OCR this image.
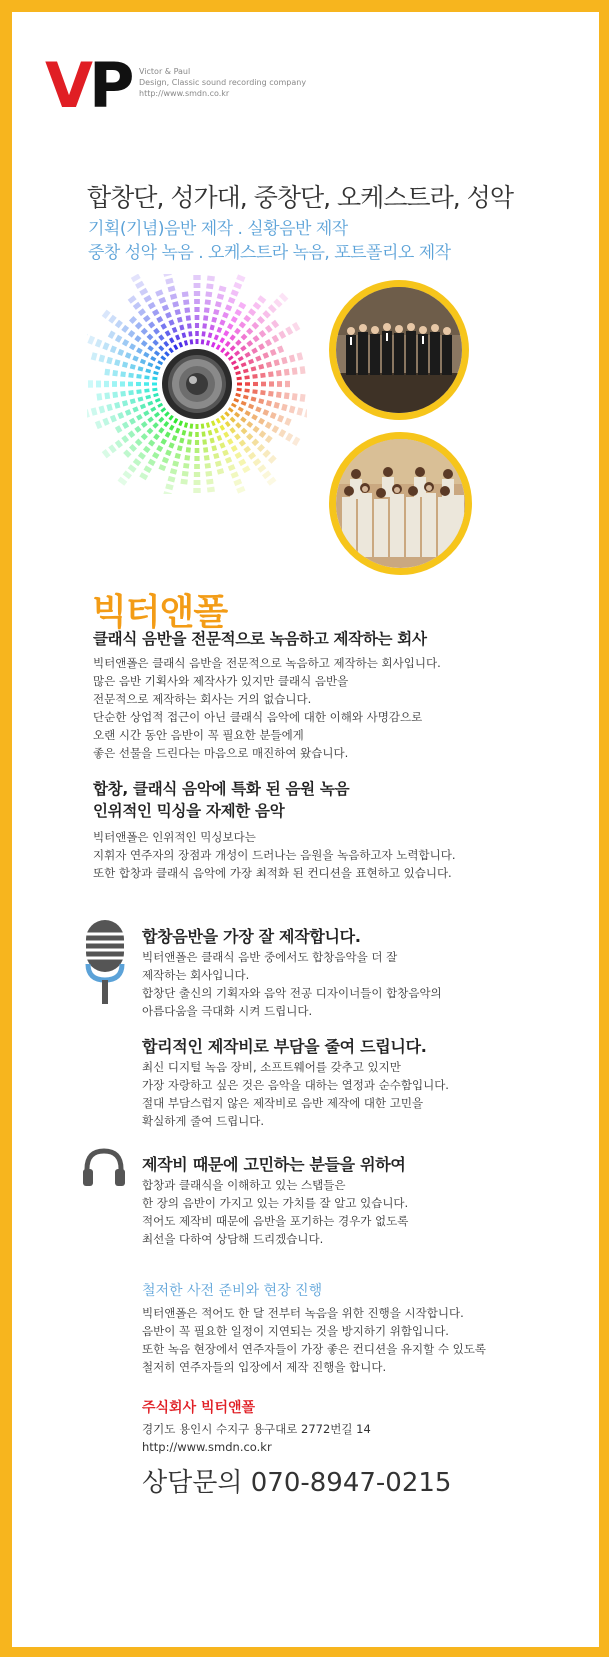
VP Victor & Paul
Design, Classic sound recording company
http://www.smdn.co.kr
합창단, 성가대, 중창단, 오케스트라, 성악
기획(기념)음반 제작 . 실황음반 제작
중창 성악 녹음 . 오케스트라 녹음, 포트폴리오 제작
빅터앤폴
클래식 음반을 전문적으로 녹음하고 제작하는 회사
빅터앤폴은 클래식 음반을 전문적으로 녹음하고 제작하는 회사입니다.
많은 음반 기획사와 제작사가 있지만 클래식 음반을
전문적으로 제작하는 회사는 거의 없습니다.
단순한 상업적 접근이 아닌 클래식 음악에 대한 이해와 사명감으로
오랜 시간 동안 음반이 꼭 필요한 분들에게
좋은 선물을 드린다는 마음으로 매진하여 왔습니다.
합창, 클래식 음악에 특화 된 음원 녹음
인위적인 믹싱을 자제한 음악
빅터앤폴은 인위적인 믹싱보다는
지휘자 연주자의 장점과 개성이 드러나는 음원을 녹음하고자 노력합니다.
또한 합창과 클래식 음악에 가장 최적화 된 컨디션을 표현하고 있습니다.
합창음반을 가장 잘 제작합니다.
빅터앤폴은 클래식 음반 중에서도 합창음악을 더 잘
제작하는 회사입니다.
합창단 출신의 기획자와 음악 전공 디자이너들이 합창음악의
아름다움을 극대화 시켜 드립니다.
합리적인 제작비로 부담을 줄여 드립니다.
최신 디지털 녹음 장비, 소프트웨어를 갖추고 있지만
가장 자랑하고 싶은 것은 음악을 대하는 열정과 순수함입니다.
절대 부담스럽지 않은 제작비로 음반 제작에 대한 고민을
확실하게 줄여 드립니다.
제작비 때문에 고민하는 분들을 위하여
합창과 클래식을 이해하고 있는 스탭들은
한 장의 음반이 가지고 있는 가치를 잘 알고 있습니다.
적어도 제작비 때문에 음반을 포기하는 경우가 없도록
최선을 다하여 상담해 드리겠습니다.
철저한 사전 준비와 현장 진행
빅터앤폴은 적어도 한 달 전부터 녹음을 위한 진행을 시작합니다.
음반이 꼭 필요한 일정이 지연되는 것을 방지하기 위함입니다.
또한 녹음 현장에서 연주자들이 가장 좋은 컨디션을 유지할 수 있도록
철저히 연주자들의 입장에서 제작 진행을 합니다.
주식회사 빅터앤폴
경기도 용인시 수지구 용구대로 2772번길 14
http://www.smdn.co.kr
상담문의 070-8947-0215
